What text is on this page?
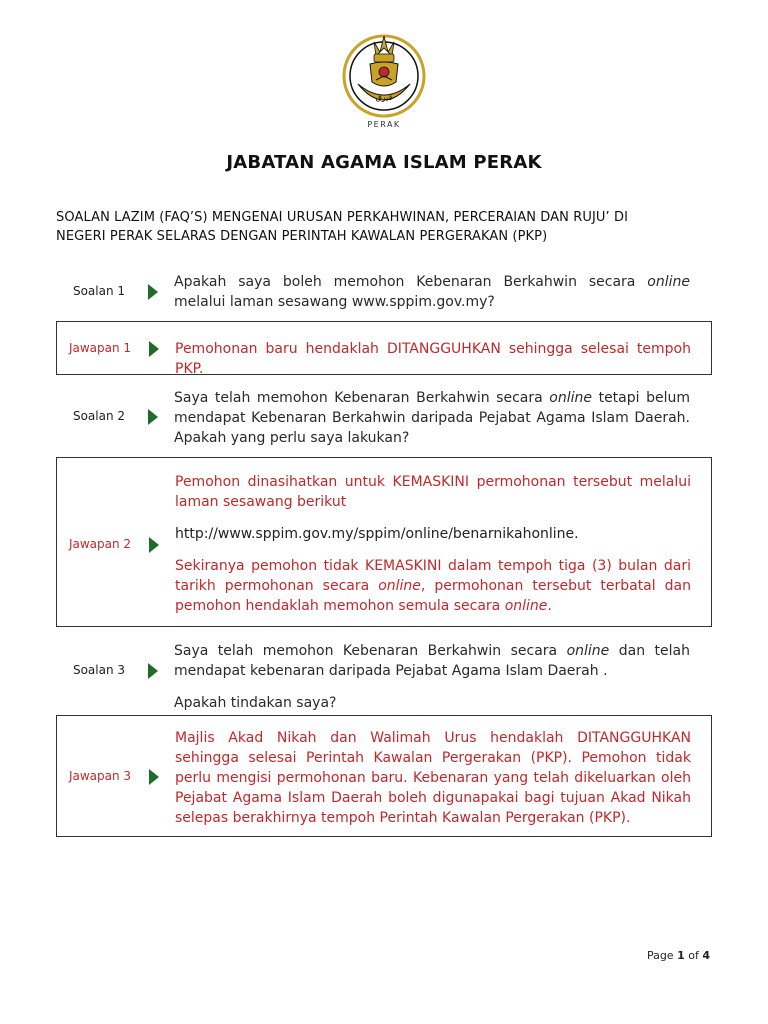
ڤيرق
PERAK
JABATAN AGAMA ISLAM PERAK
SOALAN LAZIM (FAQ’S) MENGENAI URUSAN PERKAHWINAN, PERCERAIAN DAN RUJU’ DI
NEGERI PERAK SELARAS DENGAN PERINTAH KAWALAN PERGERAKAN (PKP)
Soalan 1
Apakah saya boleh memohon Kebenaran Berkahwin secara online melalui laman sesawang www.sppim.gov.my?
Jawapan 1	Pemohonan baru hendaklah DITANGGUHKAN sehingga selesai tempoh PKP.
Soalan 2
Saya telah memohon Kebenaran Berkahwin secara online tetapi belum mendapat Kebenaran Berkahwin daripada Pejabat Agama Islam Daerah. Apakah yang perlu saya lakukan?
Jawapan 2

Pemohon dinasihatkan untuk KEMASKINI permohonan tersebut melalui laman sesawang berikut

http://www.sppim.gov.my/sppim/online/benarnikahonline.

Sekiranya pemohon tidak KEMASKINI dalam tempoh tiga (3) bulan dari tarikh permohonan secara online, permohonan tersebut terbatal dan pemohon hendaklah memohon semula secara online.

Soalan 3

Saya telah memohon Kebenaran Berkahwin secara online dan telah mendapat kebenaran daripada Pejabat Agama Islam Daerah .

Apakah tindakan saya?

Jawapan 3
Majlis Akad Nikah dan Walimah Urus hendaklah DITANGGUHKAN sehingga selesai Perintah Kawalan Pergerakan (PKP). Pemohon tidak perlu mengisi permohonan baru. Kebenaran yang telah dikeluarkan oleh Pejabat Agama Islam Daerah boleh digunapakai bagi tujuan Akad Nikah selepas berakhirnya tempoh Perintah Kawalan Pergerakan (PKP).
Page 1 of 4
